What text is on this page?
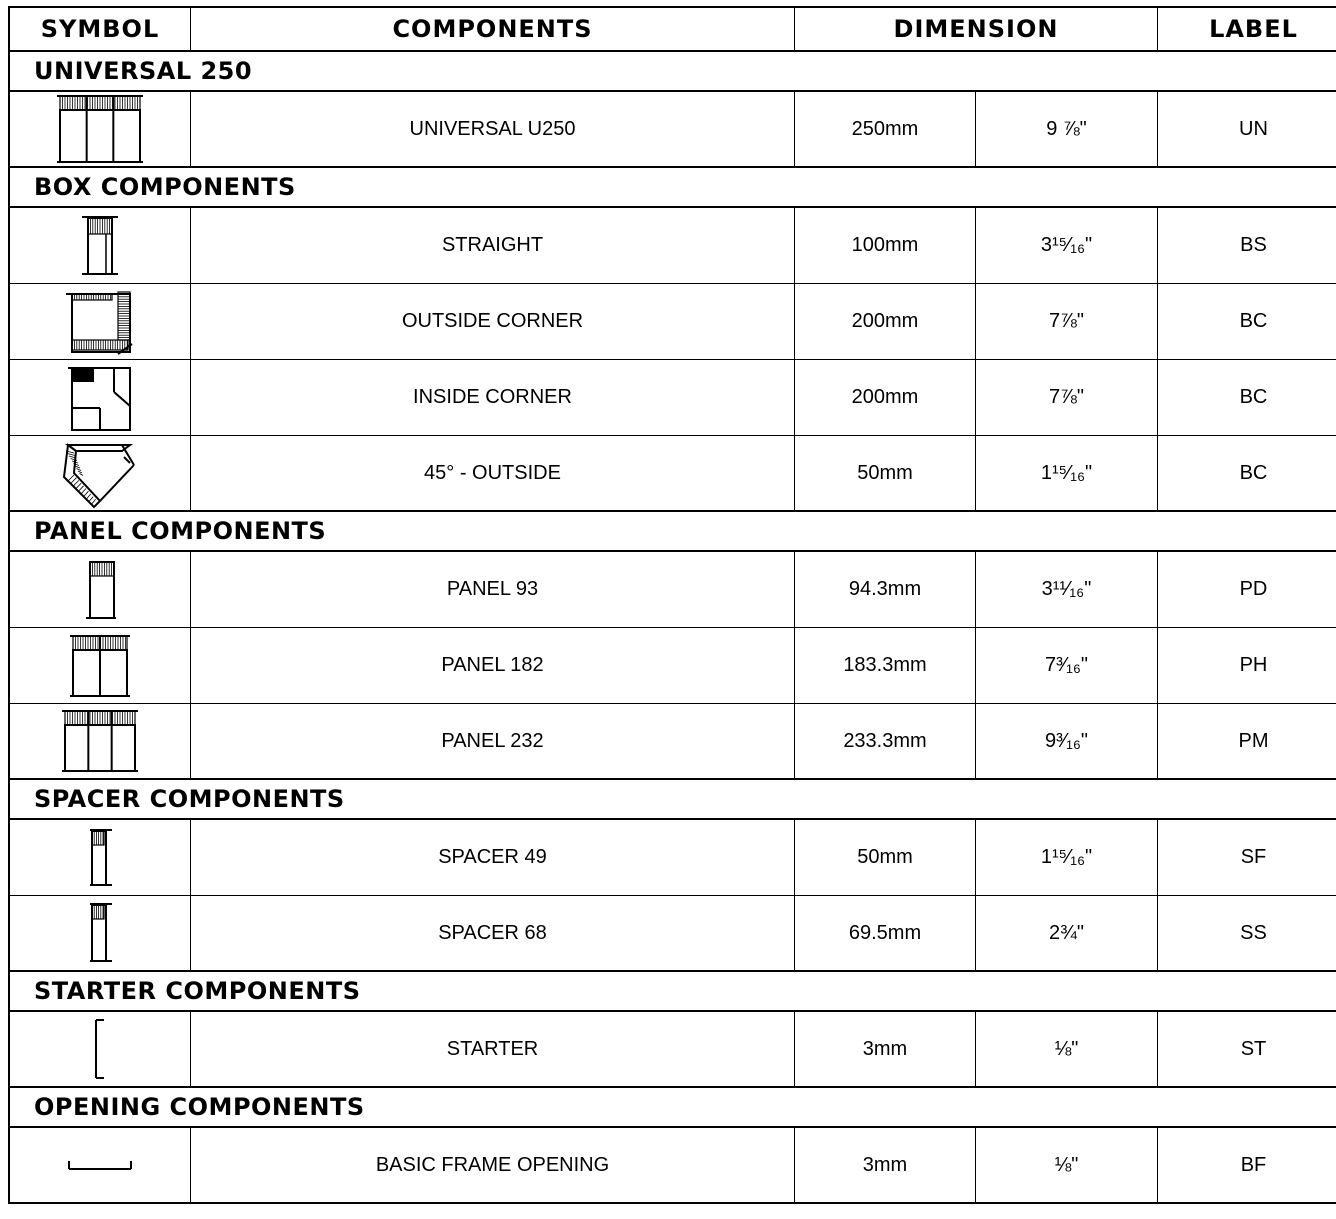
SYMBOL	COMPONENTS	DIMENSION	LABEL
UNIVERSAL 250
UNIVERSAL U250	250mm	9 ⅞"	UN
BOX COMPONENTS
STRAIGHT	100mm	3¹⁵⁄₁₆"	BS
OUTSIDE CORNER	200mm	7⅞"	BC
INSIDE CORNER	200mm	7⅞"	BC
45° - OUTSIDE	50mm	1¹⁵⁄₁₆"	BC
PANEL COMPONENTS
PANEL 93	94.3mm	3¹¹⁄₁₆"	PD
PANEL 182	183.3mm	7³⁄₁₆"	PH
PANEL 232	233.3mm	9³⁄₁₆"	PM
SPACER COMPONENTS
SPACER 49	50mm	1¹⁵⁄₁₆"	SF
SPACER 68	69.5mm	2¾"	SS
STARTER COMPONENTS
STARTER	3mm	⅛"	ST
OPENING COMPONENTS
BASIC FRAME OPENING	3mm	⅛"	BF
